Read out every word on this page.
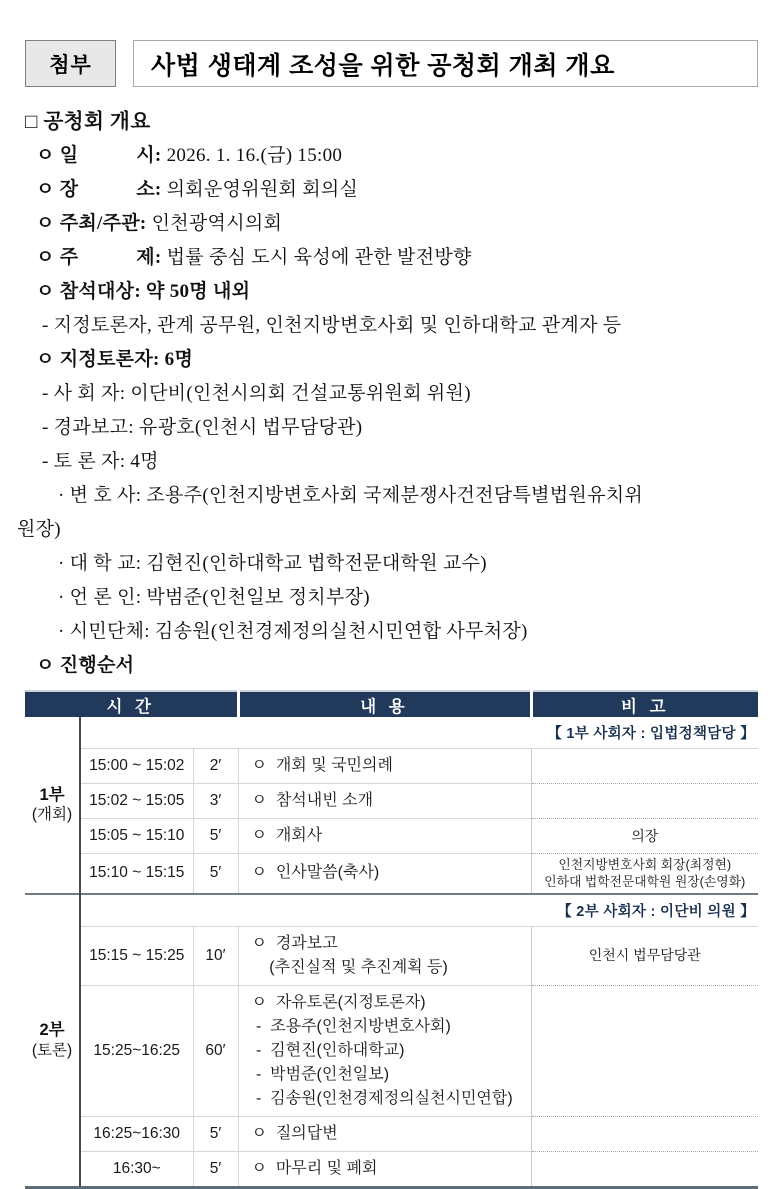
첨부	사법 생태계 조성을 위한 공청회 개최 개요
□ 공청회 개요
ㅇ 일　　　시: 2026. 1. 16.(금) 15:00
ㅇ 장　　　소: 의회운영위원회 회의실
ㅇ 주최/주관: 인천광역시의회
ㅇ 주　　　제: 법률 중심 도시 육성에 관한 발전방향
ㅇ 참석대상: 약 50명 내외
- 지정토론자, 관계 공무원, 인천지방변호사회 및 인하대학교 관계자 등
ㅇ 지정토론자: 6명
- 사 회 자: 이단비(인천시의회 건설교통위원회 위원)
- 경과보고: 유광호(인천시 법무담당관)
- 토 론 자: 4명
· 변 호 사: 조용주(인천지방변호사회 국제분쟁사건전담특별법원유치위
원장)
· 대 학 교: 김현진(인하대학교 법학전문대학원 교수)
· 언 론 인: 박범준(인천일보 정치부장)
· 시민단체: 김송원(인천경제정의실천시민연합 사무처장)
ㅇ 진행순서
시 간			내 용	비 고

1부
(개회)	【 1부 사회자 : 입법정책담당 】			
	15:00 ~ 15:02	2′	ㅇ  개회 및 국민의례	

	15:02 ~ 15:05	3′	ㅇ  참석내빈 소개	

	15:05 ~ 15:10	5′	ㅇ  개회사	의장

	15:10 ~ 15:15	5′	ㅇ  인사말씀(축사)	인천지방변호사회 회장(최정현)
인하대 법학전문대학원 원장(손영화)

2부
(토론)	【 2부 사회자 : 이단비 의원 】			
	15:15 ~ 15:25	10′	ㅇ  경과보고
(추진실적 및 추진계획 등)	인천시 법무담당관

	15:25~16:25	60′	ㅇ  자유토론(지정토론자)
-  조용주(인천지방변호사회)
-  김현진(인하대학교)
-  박범준(인천일보)
-  김송원(인천경제정의실천시민연합)	

	16:25~16:30	5′	ㅇ  질의답변	

	16:30~	5′	ㅇ  마무리 및 폐회	
